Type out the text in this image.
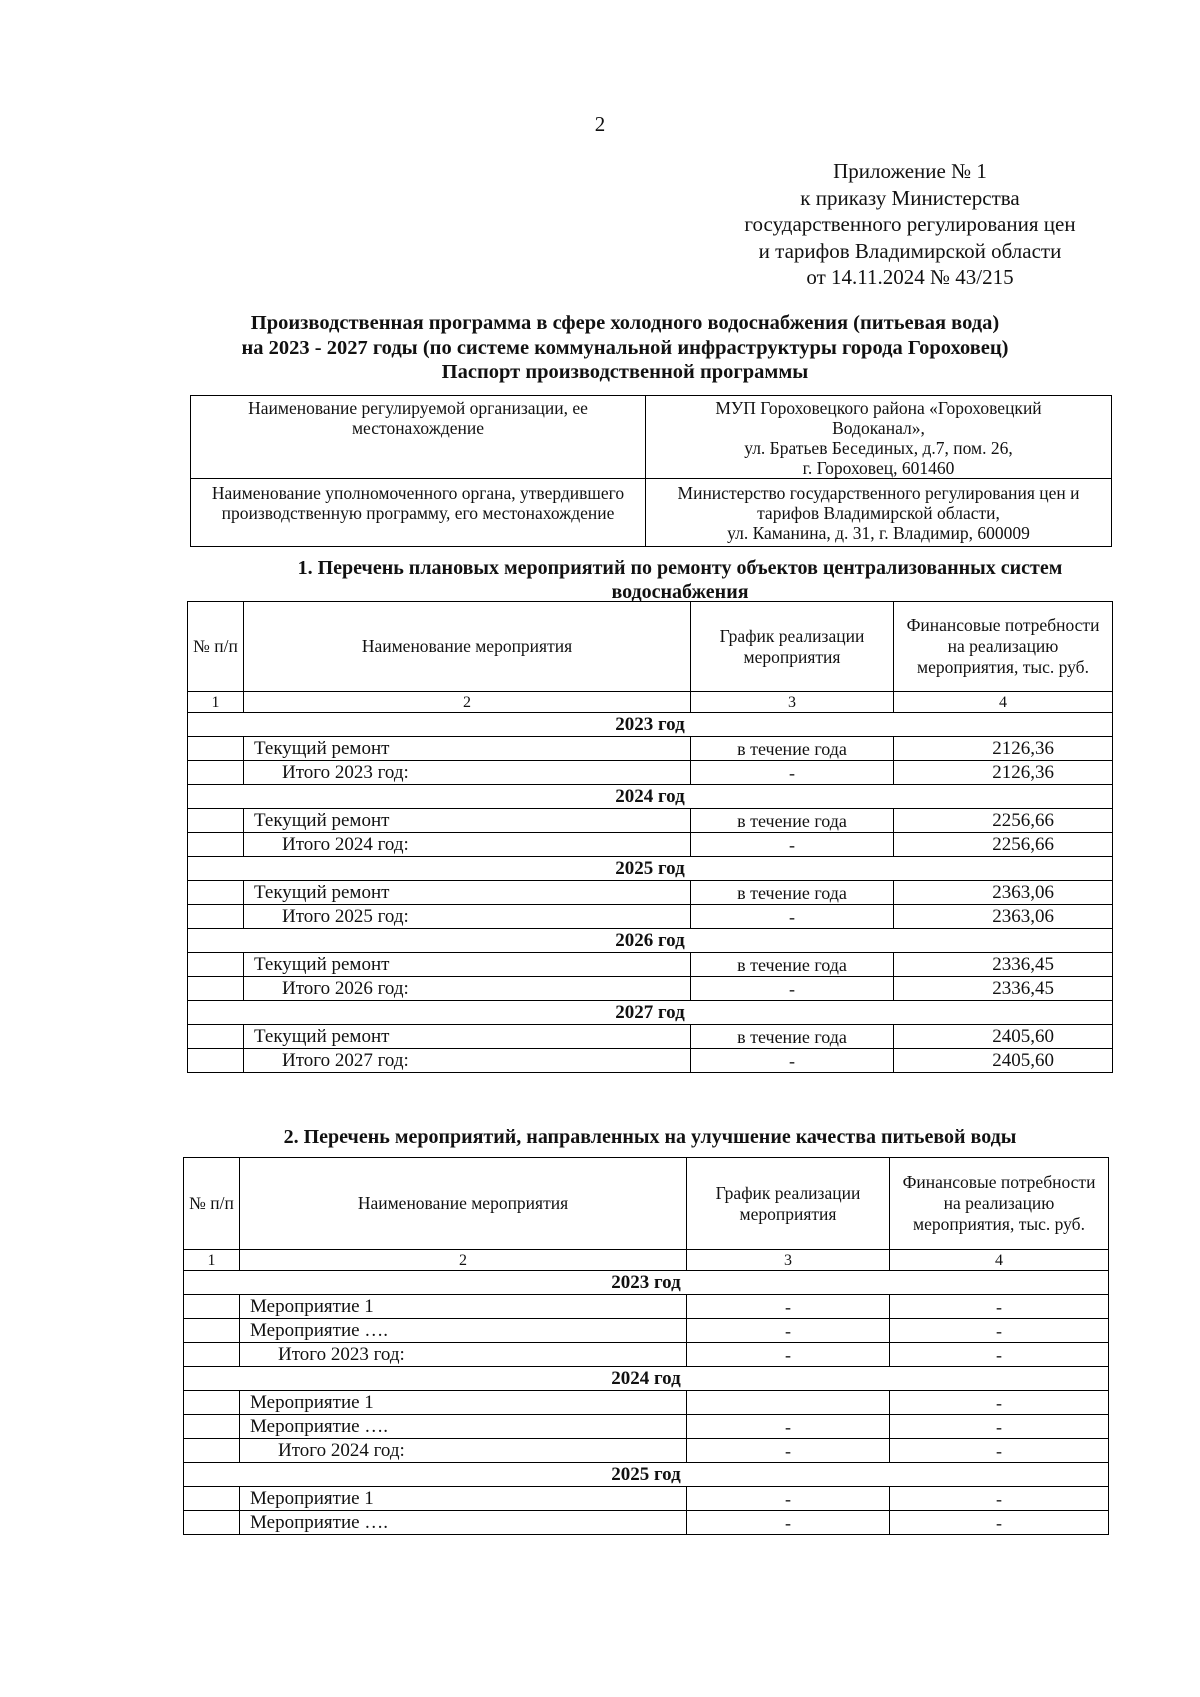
2
Приложение № 1
к приказу Министерства
государственного регулирования цен
и тарифов Владимирской области
от 14.11.2024 № 43/215
Производственная программа в сфере холодного водоснабжения (питьевая вода)
на 2023 - 2027 годы (по системе коммунальной инфраструктуры города Гороховец)
Паспорт производственной программы
Наименование регулируемой организации, ее местонахождение	МУП Гороховецкого района «Гороховецкий Водоканал»,
ул. Братьев Бесединых, д.7, пом. 26,
г. Гороховец, 601460

Наименование уполномоченного органа, утвердившего производственную программу, его местонахождение	Министерство государственного регулирования цен и тарифов Владимирской области,
ул. Каманина, д. 31, г. Владимир, 600009
1. Перечень плановых мероприятий по ремонту объектов централизованных систем водоснабжения
№ п/п	Наименование мероприятия	График реализации мероприятия	Финансовые потребности на реализацию мероприятия, тыс. руб.
1	2	3	4
2023 год			
	Текущий ремонт	в течение года	2126,36
	Итого 2023 год:	-	2126,36
2024 год			
	Текущий ремонт	в течение года	2256,66
	Итого 2024 год:	-	2256,66
2025 год			
	Текущий ремонт	в течение года	2363,06
	Итого 2025 год:	-	2363,06
2026 год			
	Текущий ремонт	в течение года	2336,45
	Итого 2026 год:	-	2336,45
2027 год			
	Текущий ремонт	в течение года	2405,60
	Итого 2027 год:	-	2405,60
2. Перечень мероприятий, направленных на улучшение качества питьевой воды
№ п/п	Наименование мероприятия	График реализации мероприятия	Финансовые потребности на реализацию мероприятия, тыс. руб.
1	2	3	4
2023 год			
	Мероприятие 1	-	-
	Мероприятие ….	-	-
	Итого 2023 год:	-	-
2024 год			
	Мероприятие 1		-
	Мероприятие ….	-	-
	Итого 2024 год:	-	-
2025 год			
	Мероприятие 1	-	-
	Мероприятие ….	-	-
